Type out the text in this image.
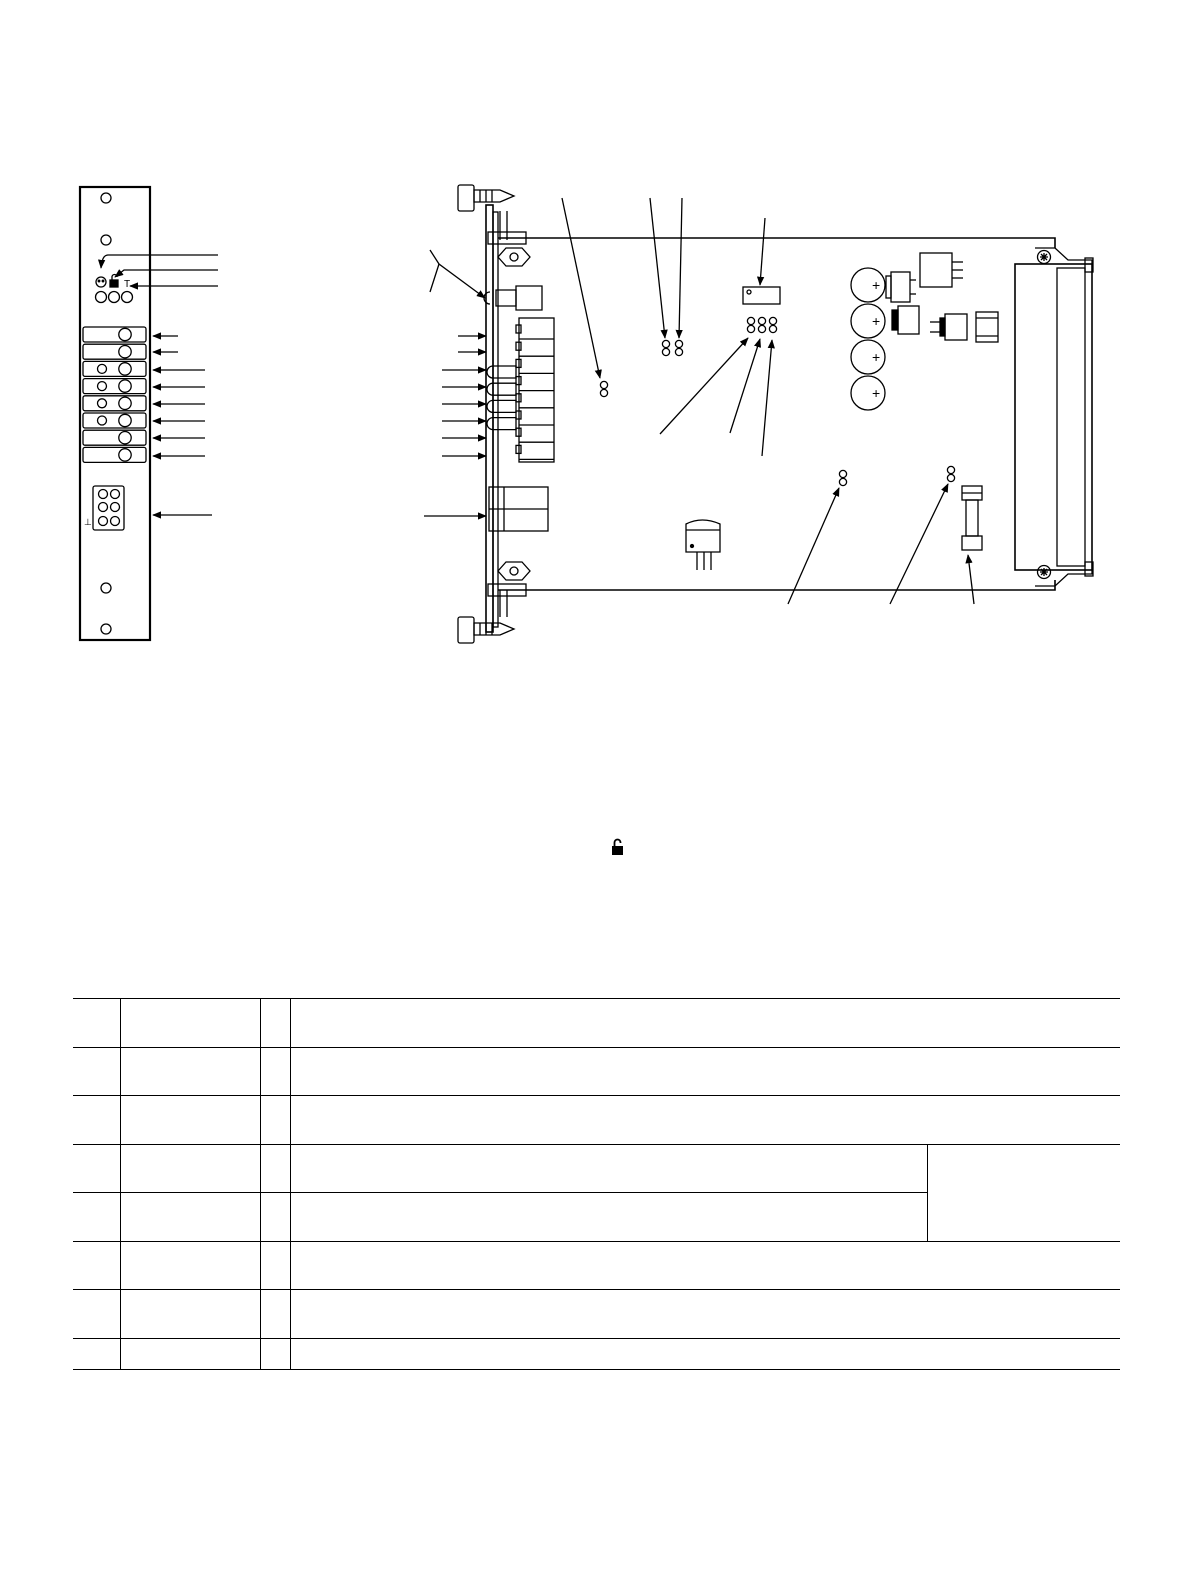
T
⊥
+
+
+
+
